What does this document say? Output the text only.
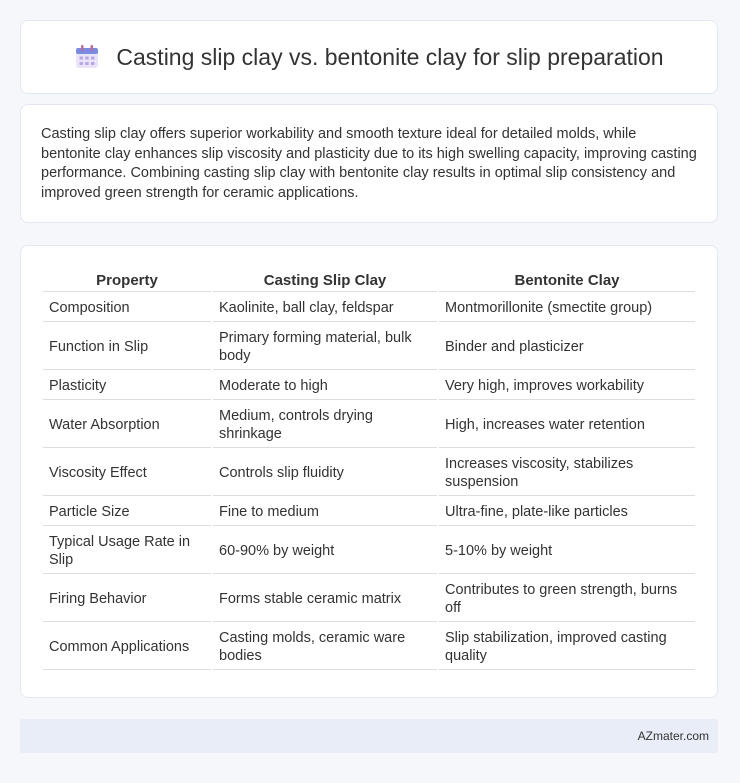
Casting slip clay vs. bentonite clay for slip preparation

Casting slip clay offers superior workability and smooth texture ideal for detailed molds, while bentonite clay enhances slip viscosity and plasticity due to its high swelling capacity, improving casting performance. Combining casting slip clay with bentonite clay results in optimal slip consistency and improved green strength for ceramic applications.

Property	Casting Slip Clay	Bentonite Clay
Composition	Kaolinite, ball clay, feldspar	Montmorillonite (smectite group)
Function in Slip	Primary forming material, bulk body	Binder and plasticizer
Plasticity	Moderate to high	Very high, improves workability
Water Absorption	Medium, controls drying shrinkage	High, increases water retention
Viscosity Effect	Controls slip fluidity	Increases viscosity, stabilizes suspension
Particle Size	Fine to medium	Ultra-fine, plate-like particles
Typical Usage Rate in Slip	60-90% by weight	5-10% by weight
Firing Behavior	Forms stable ceramic matrix	Contributes to green strength, burns off
Common Applications	Casting molds, ceramic ware bodies	Slip stabilization, improved casting quality
AZmater.com
